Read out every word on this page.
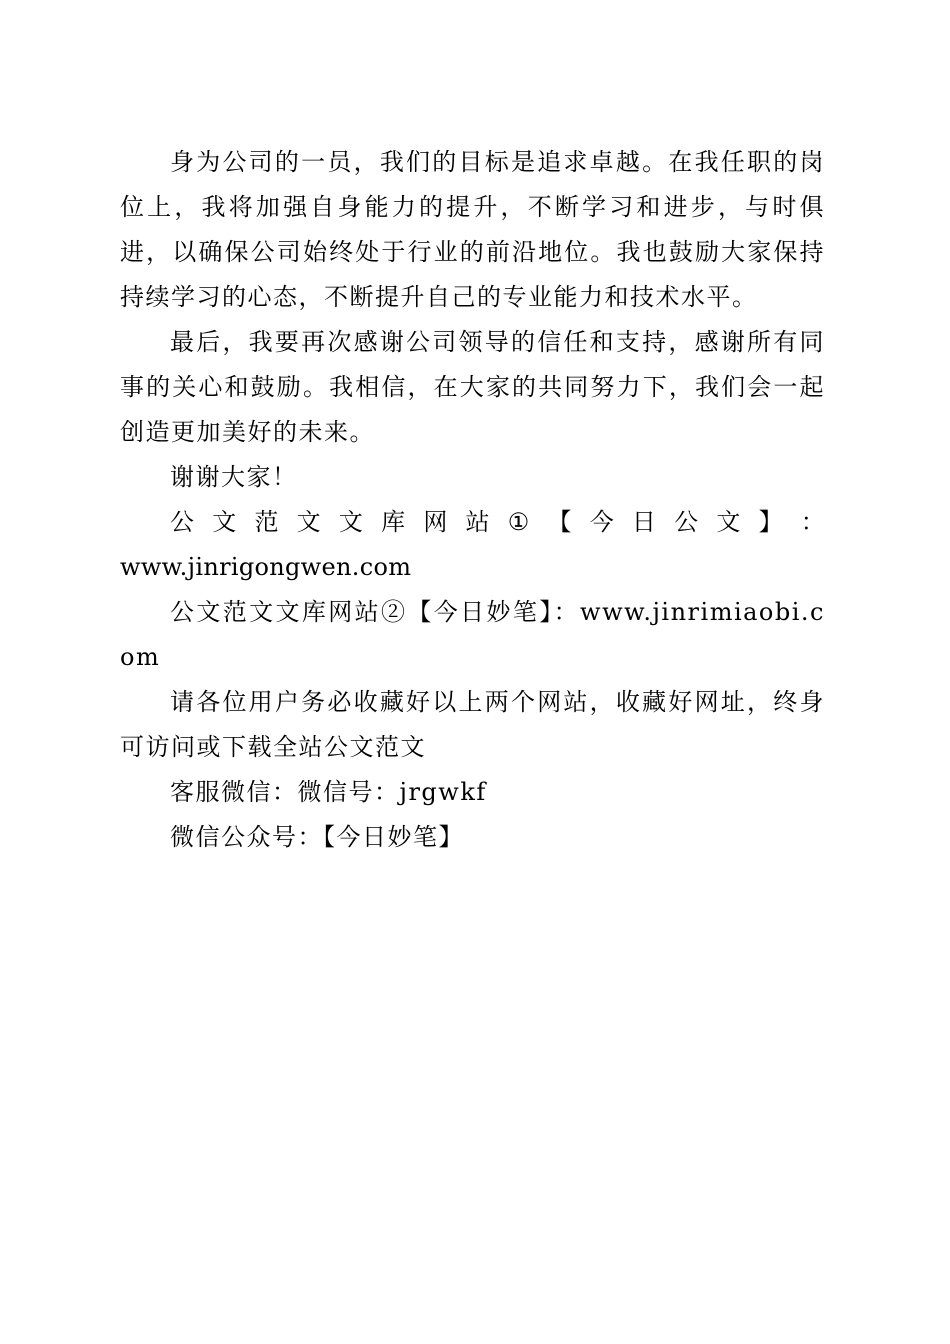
身为公司的一员，我们的目标是追求卓越。在我任职的岗位上，我将加强自身能力的提升，不断学习和进步，与时俱进，以确保公司始终处于行业的前沿地位。我也鼓励大家保持持续学习的心态，不断提升自己的专业能力和技术水平。

最后，我要再次感谢公司领导的信任和支持，感谢所有同事的关心和鼓励。我相信，在大家的共同努力下，我们会一起创造更加美好的未来。

谢谢大家！

公 文 范 文 文 库 网 站 ① 【 今 日 公 文 】 ：

www.jinrigongwen.com

公文范文文库网站②【今日妙笔】：www.jinrimiaobi.com

请各位用户务必收藏好以上两个网站，收藏好网址，终身可访问或下载全站公文范文

客服微信：微信号：jrgwkf

微信公众号：【今日妙笔】
